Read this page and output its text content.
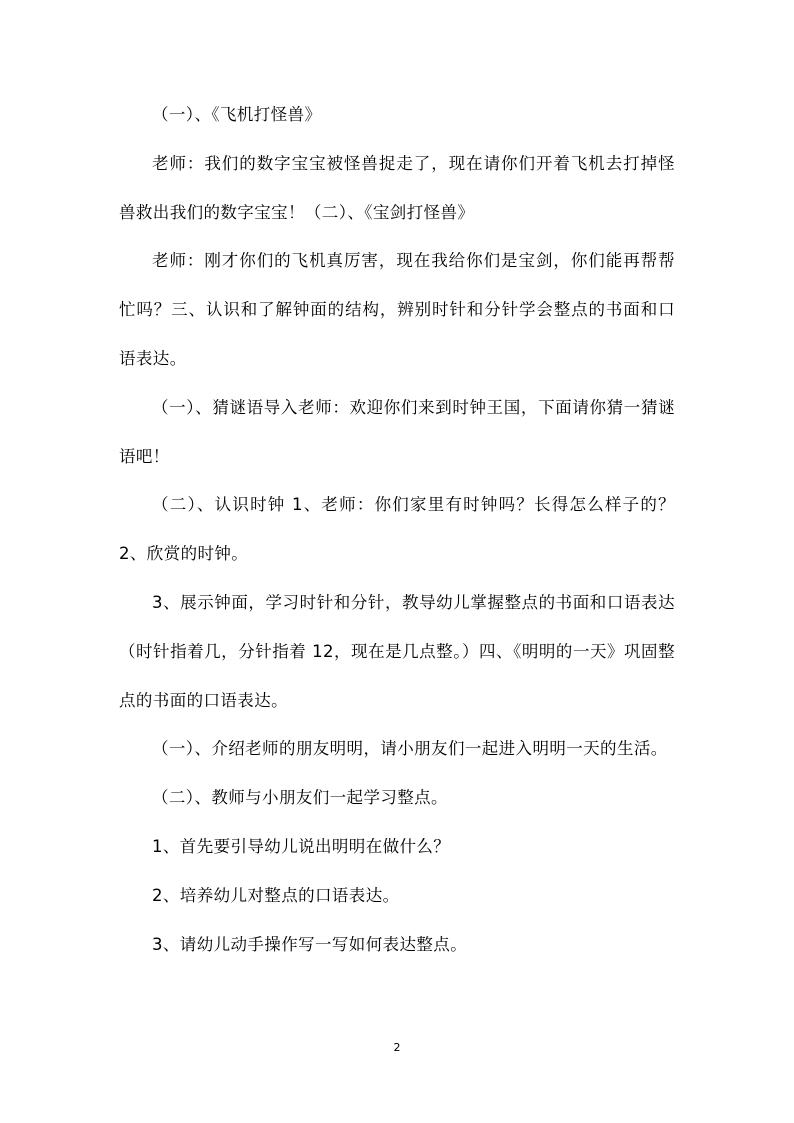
（一）、《飞机打怪兽》

老师：我们的数字宝宝被怪兽捉走了，现在请你们开着飞机去打掉怪兽救出我们的数字宝宝！（二）、《宝剑打怪兽》

老师：刚才你们的飞机真厉害，现在我给你们是宝剑，你们能再帮帮忙吗？三、认识和了解钟面的结构，辨别时针和分针学会整点的书面和口语表达。

（一）、猜谜语导入老师：欢迎你们来到时钟王国，下面请你猜一猜谜语吧！

（二）、认识时钟 1、老师：你们家里有时钟吗？长得怎么样子的？2、欣赏的时钟。

3、展示钟面，学习时针和分针，教导幼儿掌握整点的书面和口语表达（时针指着几，分针指着 12，现在是几点整。）四、《明明的一天》巩固整点的书面的口语表达。

（一）、介绍老师的朋友明明，请小朋友们一起进入明明一天的生活。

（二）、教师与小朋友们一起学习整点。

1、首先要引导幼儿说出明明在做什么？

2、培养幼儿对整点的口语表达。

3、请幼儿动手操作写一写如何表达整点。

2
